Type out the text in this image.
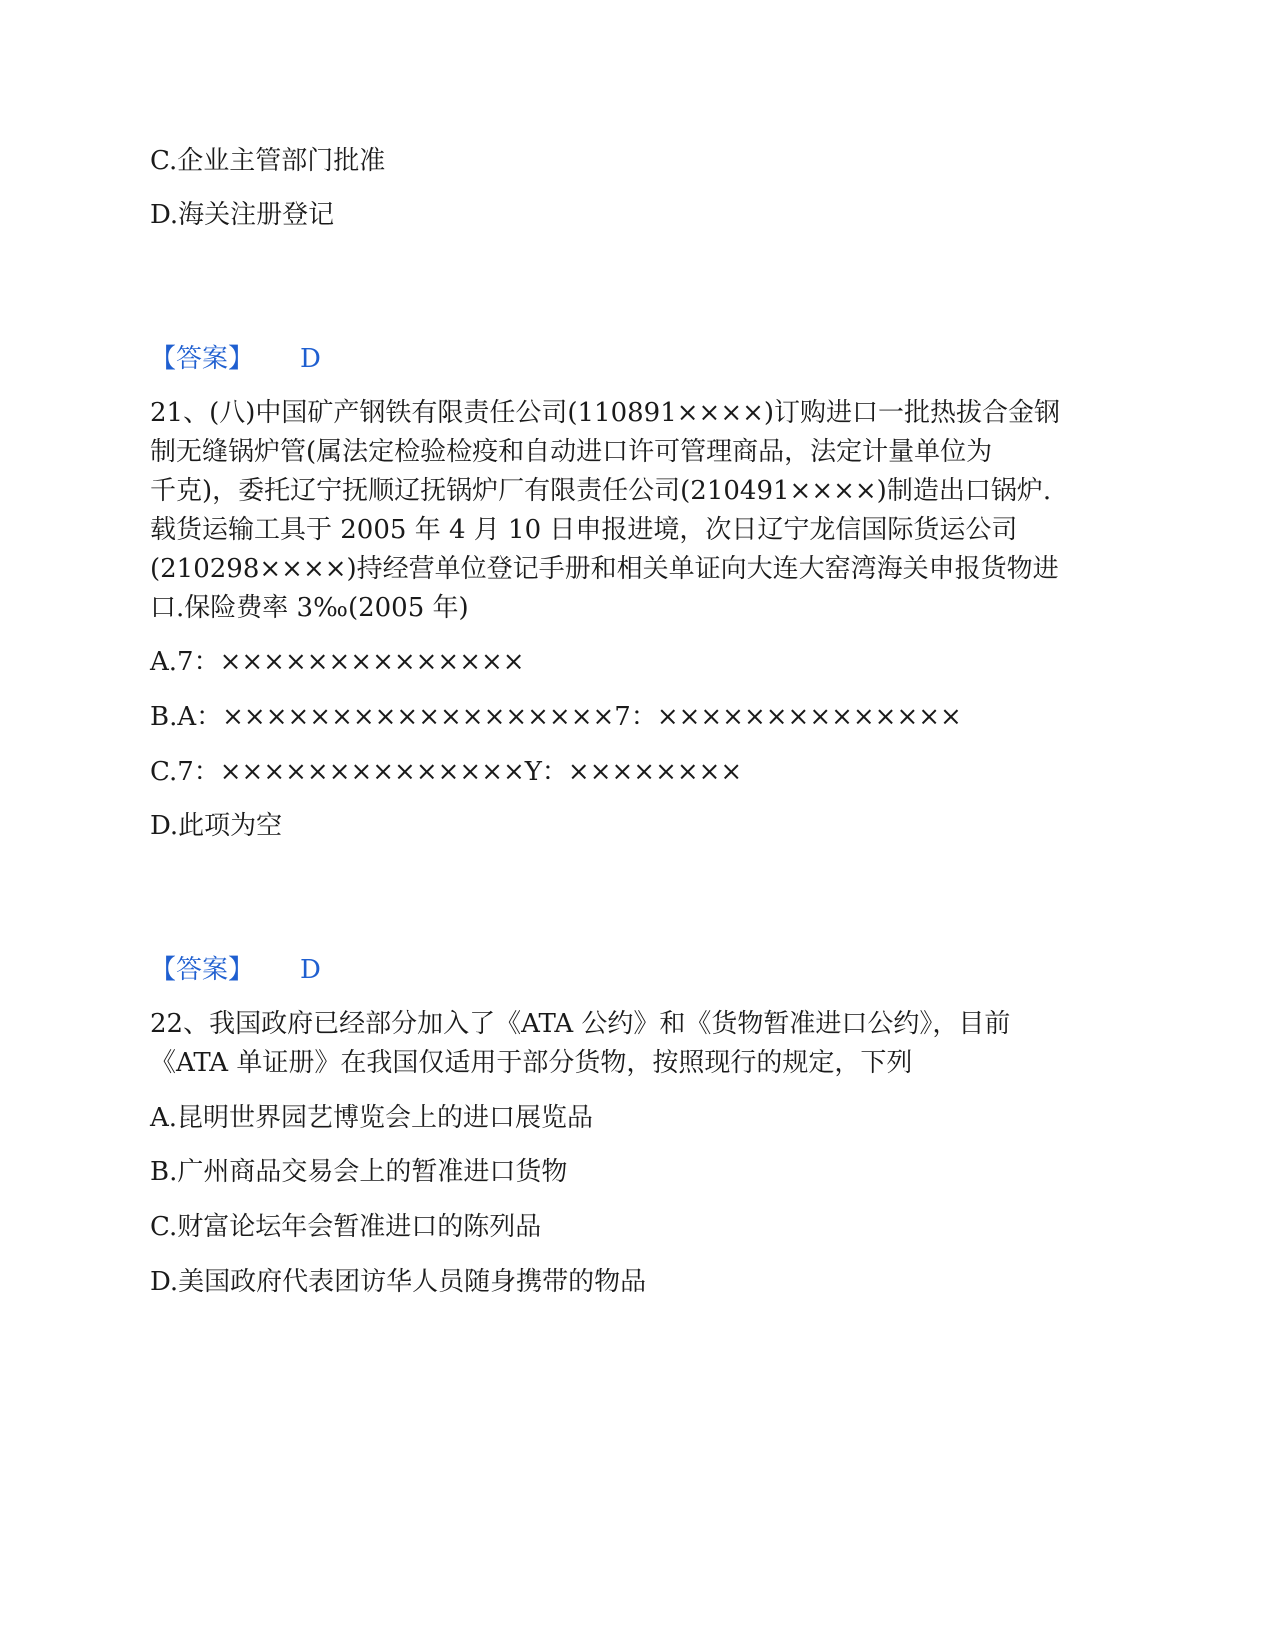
C.企业主管部门批准
D.海关注册登记
【答案】 D
21、(八)中国矿产钢铁有限责任公司(110891××××)订购进口一批热拔合金钢
制无缝锅炉管(属法定检验检疫和自动进口许可管理商品，法定计量单位为
千克)，委托辽宁抚顺辽抚锅炉厂有限责任公司(210491××××)制造出口锅炉.
载货运输工具于 2005 年 4 月 10 日申报进境，次日辽宁龙信国际货运公司
(210298××××)持经营单位登记手册和相关单证向大连大窑湾海关申报货物进
口.保险费率 3‰(2005 年)
A.7：××××××××××××××
B.A：××××××××××××××××××7：××××××××××××××
C.7：××××××××××××××Y：××××××××
D.此项为空
【答案】 D
22、我国政府已经部分加入了《ATA 公约》和《货物暂准进口公约》，目前
《ATA 单证册》在我国仅适用于部分货物，按照现行的规定，下列
A.昆明世界园艺博览会上的进口展览品
B.广州商品交易会上的暂准进口货物
C.财富论坛年会暂准进口的陈列品
D.美国政府代表团访华人员随身携带的物品
